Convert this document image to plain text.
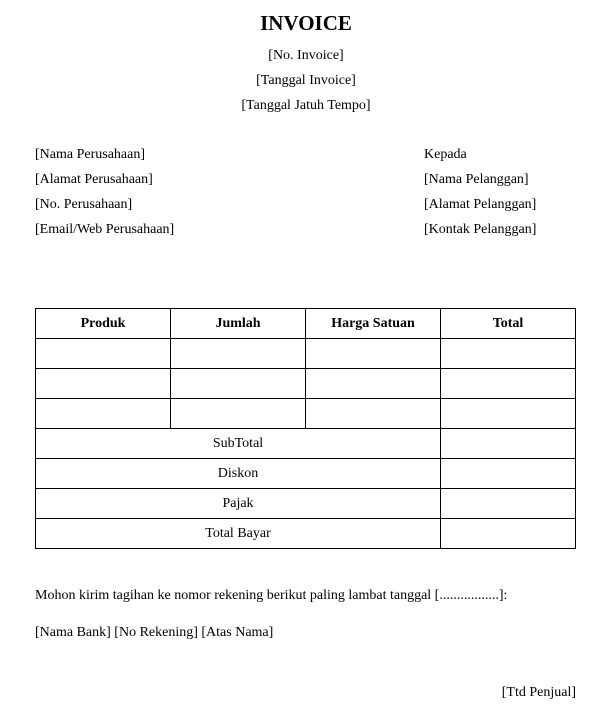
INVOICE
[No. Invoice]
[Tanggal Invoice]
[Tanggal Jatuh Tempo]
[Nama Perusahaan]
[Alamat Perusahaan]
[No. Perusahaan]
[Email/Web Perusahaan]
Kepada
[Nama Pelanggan]
[Alamat Pelanggan]
[Kontak Pelanggan]
Produk	Jumlah	Harga Satuan	Total

SubTotal			
Diskon			
Pajak			
Total Bayar			
Mohon kirim tagihan ke nomor rekening berikut paling lambat tanggal [.................]:
[Nama Bank] [No Rekening] [Atas Nama]
[Ttd Penjual]
